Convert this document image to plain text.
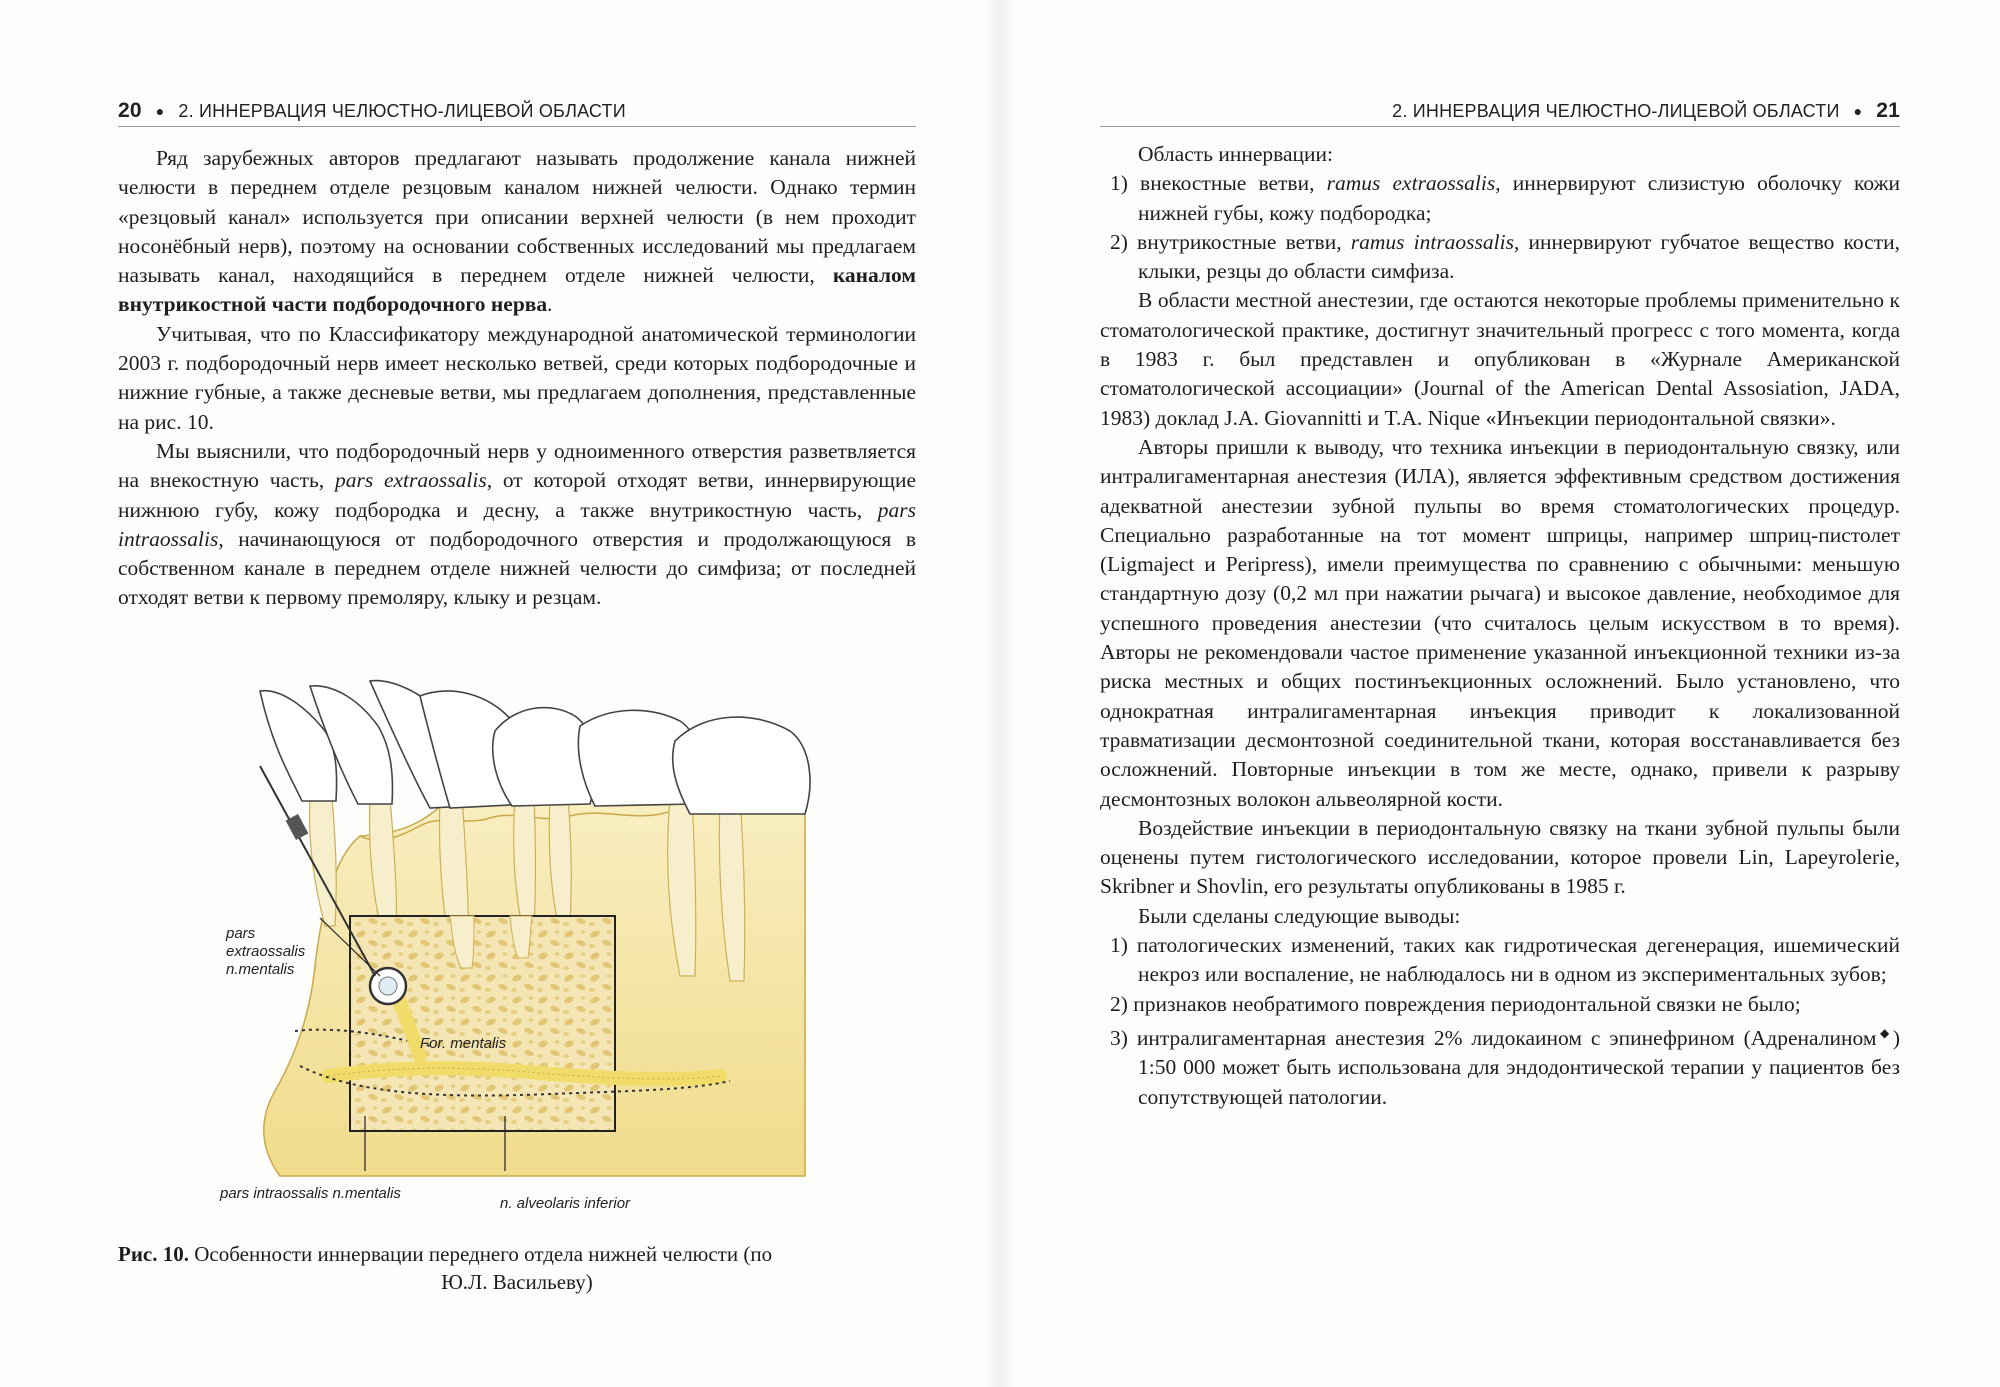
20 ● 2. ИННЕРВАЦИЯ ЧЕЛЮСТНО-ЛИЦЕВОЙ ОБЛАСТИ

Ряд зарубежных авторов предлагают называть продолжение канала нижней челюсти в переднем отделе резцовым каналом нижней челюсти. Однако термин «резцовый канал» используется при описании верхней челюсти (в нем проходит носонёбный нерв), поэтому на основании собственных исследований мы предлагаем называть канал, находящийся в переднем отделе нижней челюсти, каналом внутрикостной части подбородочного нерва.

Учитывая, что по Классификатору международной анатомической терминологии 2003 г. подбородочный нерв имеет несколько ветвей, среди которых подбородочные и нижние губные, а также десневые ветви, мы предлагаем дополнения, представленные на рис. 10.

Мы выяснили, что подбородочный нерв у одноименного отверстия разветвляется на внекостную часть, pars extraossalis, от которой отходят ветви, иннервирующие нижнюю губу, кожу подбородка и десну, а также внутрикостную часть, pars intraossalis, начинающуюся от подбородочного отверстия и продолжающуюся в собственном канале в переднем отделе нижней челюсти до симфиза; от последней отходят ветви к первому премоляру, клыку и резцам.

pars
extraossalis
n.mentalis
For. mentalis
pars intraossalis n.mentalis
n. alveolaris inferior
Рис. 10. Особенности иннервации переднего отдела нижней челюсти (по
Ю.Л. Васильеву)
2. ИННЕРВАЦИЯ ЧЕЛЮСТНО-ЛИЦЕВОЙ ОБЛАСТИ ● 21

Область иннервации:

1) внекостные ветви, ramus extraossalis, иннервируют слизистую оболочку кожи нижней губы, кожу подбородка;

2) внутрикостные ветви, ramus intraossalis, иннервируют губчатое вещество кости, клыки, резцы до области симфиза.

В области местной анестезии, где остаются некоторые проблемы применительно к стоматологической практике, достигнут значительный прогресс с того момента, когда в 1983 г. был представлен и опубликован в «Журнале Американской стоматологической ассоциации» (Journal of the American Dental Assosiation, JADA, 1983) доклад J.A. Giovannitti и T.A. Nique «Инъекции периодонтальной связки».

Авторы пришли к выводу, что техника инъекции в периодонтальную связку, или интралигаментарная анестезия (ИЛА), является эффективным средством достижения адекватной анестезии зубной пульпы во время стоматологических процедур. Специально разработанные на тот момент шприцы, например шприц-пистолет (Ligmaject и Peripress), имели преимущества по сравнению с обычными: меньшую стандартную дозу (0,2 мл при нажатии рычага) и высокое давление, необходимое для успешного проведения анестезии (что считалось целым искусством в то время). Авторы не рекомендовали частое применение указанной инъекционной техники из-за риска местных и общих постинъекционных осложнений. Было установлено, что однократная интралигаментарная инъекция приводит к локализованной травматизации десмонтозной соединительной ткани, которая восстанавливается без осложнений. Повторные инъекции в том же месте, однако, привели к разрыву десмонтозных волокон альвеолярной кости.

Воздействие инъекции в периодонтальную связку на ткани зубной пульпы были оценены путем гистологического исследовании, которое провели Lin, Lapeyrolerie, Skribner и Shovlin, его результаты опубликованы в 1985 г.

Были сделаны следующие выводы:

1) патологических изменений, таких как гидротическая дегенерация, ишемический некроз или воспаление, не наблюдалось ни в одном из экспериментальных зубов;

2) признаков необратимого повреждения периодонтальной связки не было;

3) интралигаментарная анестезия 2% лидокаином с эпинефрином (Адреналином◆) 1:50 000 может быть использована для эндодонтической терапии у пациентов без сопутствующей патологии.
